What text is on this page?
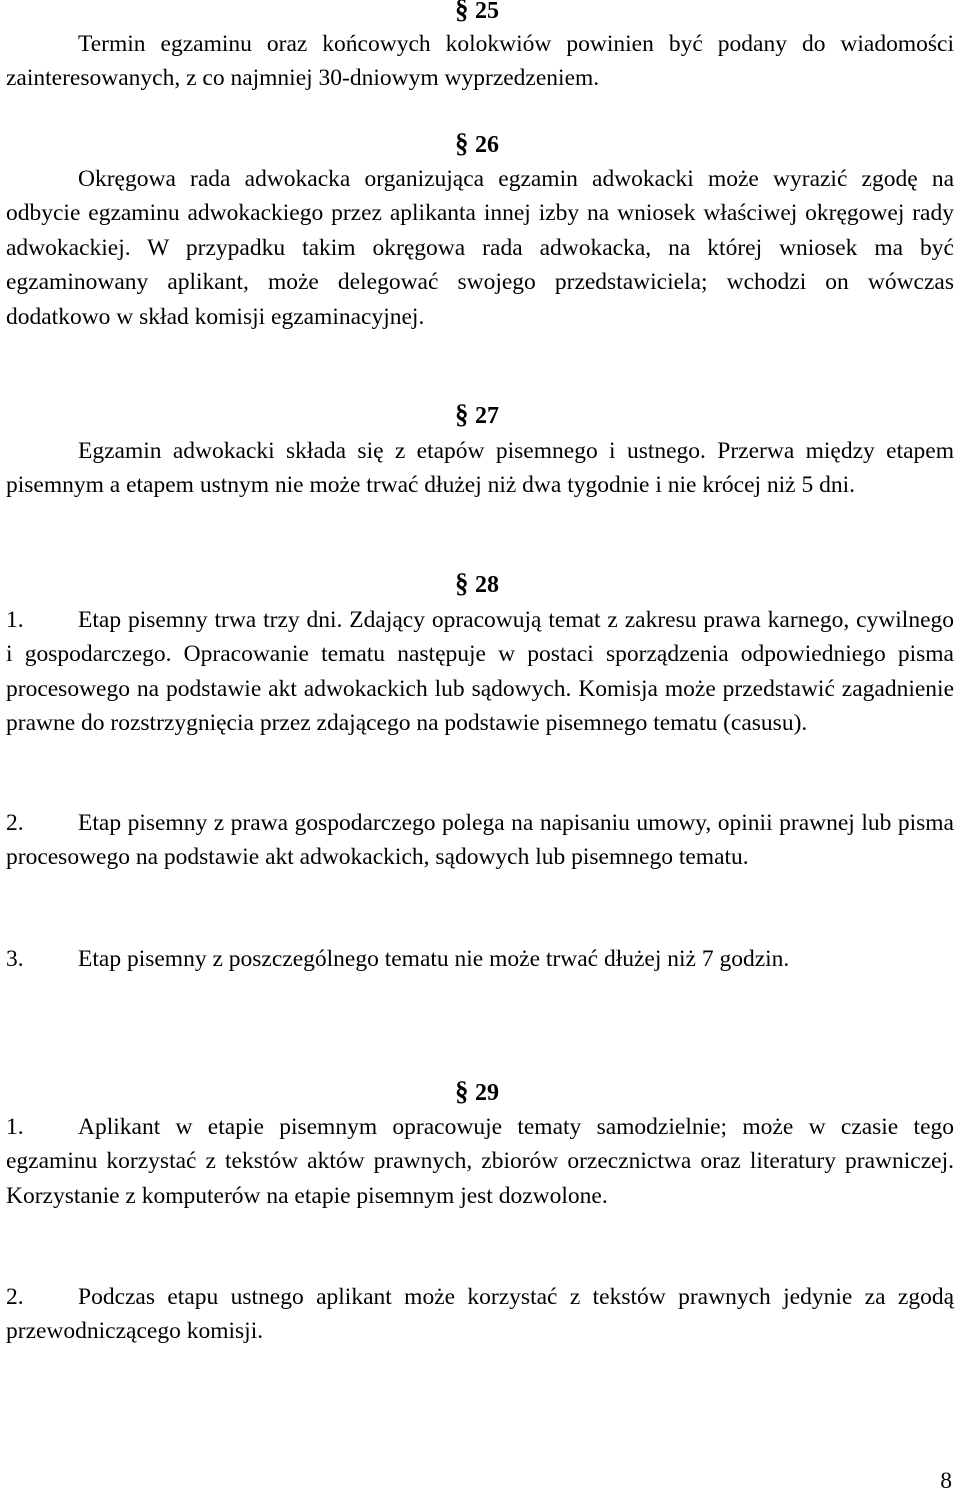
§ 25

Termin egzaminu oraz końcowych kolokwiów powinien być podany do wiadomości zainteresowanych, z co najmniej 30-dniowym wyprzedzeniem.

§ 26

Okręgowa rada adwokacka organizująca egzamin adwokacki może wyrazić zgodę na odbycie egzaminu adwokackiego przez aplikanta innej izby na wniosek właściwej okręgowej rady adwokackiej. W przypadku takim okręgowa rada adwokacka, na której wniosek ma być egzaminowany aplikant, może delegować swojego przedstawiciela; wchodzi on wówczas dodatkowo w skład komisji egzaminacyjnej.

§ 27

Egzamin adwokacki składa się z etapów pisemnego i ustnego. Przerwa między etapem pisemnym a etapem ustnym nie może trwać dłużej niż dwa tygodnie i nie krócej niż 5 dni.

§ 28

1. Etap pisemny trwa trzy dni. Zdający opracowują temat z zakresu prawa karnego, cywilnego i gospodarczego. Opracowanie tematu następuje w postaci sporządzenia odpowiedniego pisma procesowego na podstawie akt adwokackich lub sądowych. Komisja może przedstawić zagadnienie prawne do rozstrzygnięcia przez zdającego na podstawie pisemnego tematu (casusu).

2. Etap pisemny z prawa gospodarczego polega na napisaniu umowy, opinii prawnej lub pisma procesowego na podstawie akt adwokackich, sądowych lub pisemnego tematu.

3. Etap pisemny z poszczególnego tematu nie może trwać dłużej niż 7 godzin.

§ 29

1. Aplikant w etapie pisemnym opracowuje tematy samodzielnie; może w czasie tego egzaminu korzystać z tekstów aktów prawnych, zbiorów orzecznictwa oraz literatury prawniczej. Korzystanie z komputerów na etapie pisemnym jest dozwolone.

2. Podczas etapu ustnego aplikant może korzystać z tekstów prawnych jedynie za zgodą przewodniczącego komisji.

8
